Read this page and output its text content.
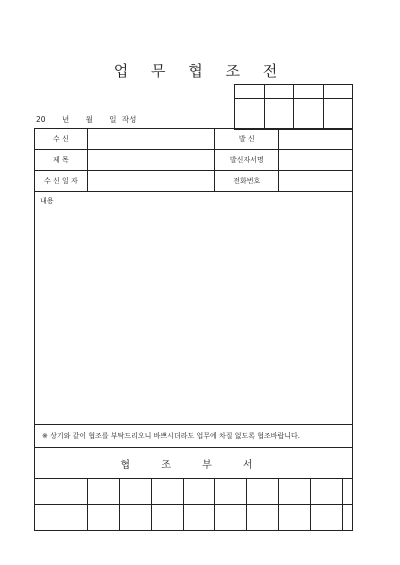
업 무 협 조 전

20 년 월 일 작성
수 신					발 신				
제 목					발신자서명				
수 신 일 자					전화번호				
내용									
※ 상기와 같이 협조를 부탁드리오니 바쁘시더라도 업무에 차질 없도록 협조바랍니다.									
협 조 부 서									
